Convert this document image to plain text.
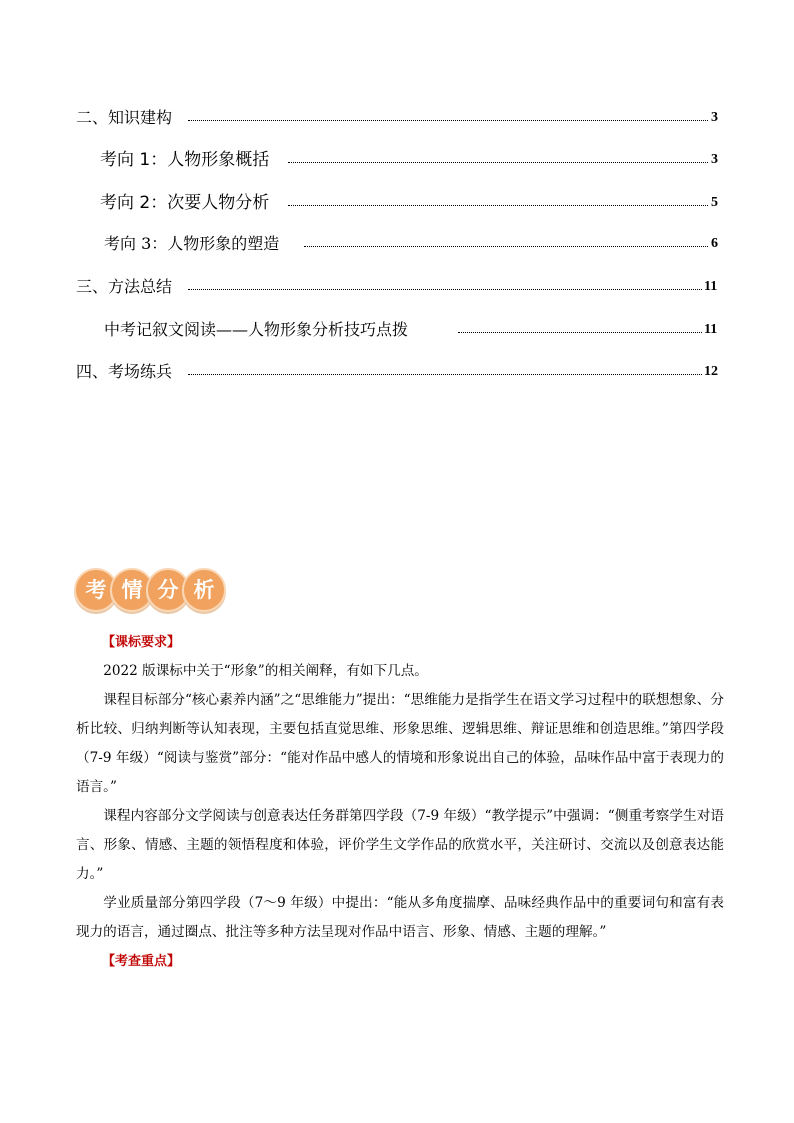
二、知识建构	3
考向 1：人物形象概括	3
考向 2：次要人物分析	5
考向 3：人物形象的塑造	6
三、方法总结	11
中考记叙文阅读——人物形象分析技巧点拨	11
四、考场练兵	12
考 情 分 析
【课标要求】

2022 版课标中关于“形象”的相关阐释，有如下几点。

课程目标部分“核心素养内涵”之“思维能力”提出：“思维能力是指学生在语文学习过程中的联想想象、分析比较、归纳判断等认知表现，主要包括直觉思维、形象思维、逻辑思维、辩证思维和创造思维。”第四学段（7-9 年级）“阅读与鉴赏”部分：“能对作品中感人的情境和形象说出自己的体验，品味作品中富于表现力的语言。”

课程内容部分文学阅读与创意表达任务群第四学段（7-9 年级）“教学提示”中强调：“侧重考察学生对语言、形象、情感、主题的领悟程度和体验，评价学生文学作品的欣赏水平，关注研讨、交流以及创意表达能力。”

学业质量部分第四学段（7～9 年级）中提出：“能从多角度揣摩、品味经典作品中的重要词句和富有表现力的语言，通过圈点、批注等多种方法呈现对作品中语言、形象、情感、主题的理解。”

【考查重点】
